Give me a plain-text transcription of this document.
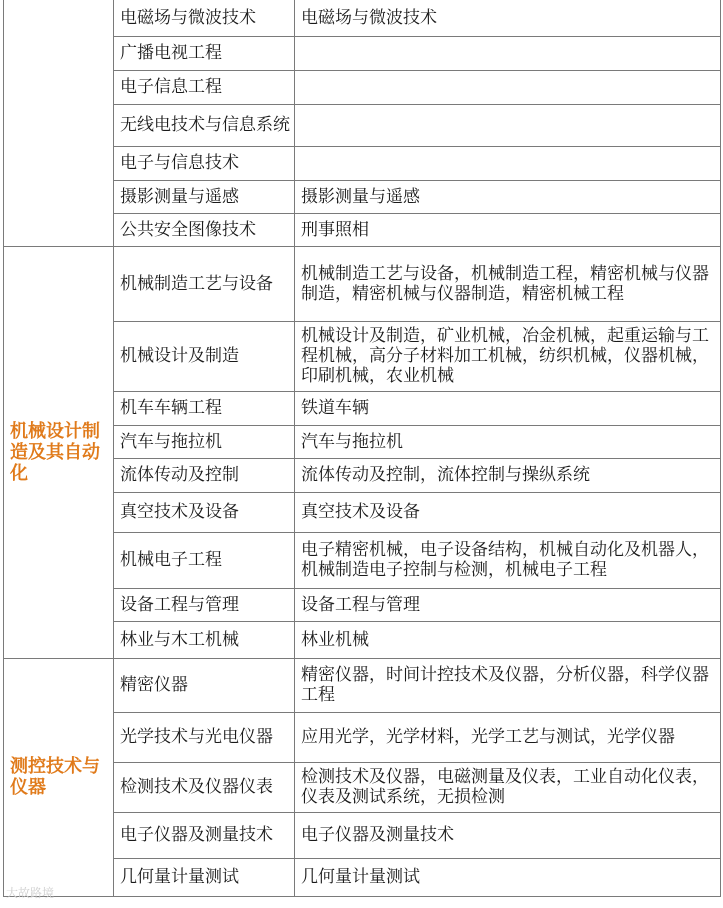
	电磁场与微波技术	电磁场与微波技术
	广播电视工程	
	电子信息工程	
	无线电技术与信息系统	
	电子与信息技术	
	摄影测量与遥感	摄影测量与遥感
	公共安全图像技术	刑事照相
机械设计制造及其自动化	机械制造工艺与设备	机械制造工艺与设备，机械制造工程，精密机械与仪器制造，精密机械与仪器制造，精密机械工程
	机械设计及制造	机械设计及制造，矿业机械，冶金机械，起重运输与工程机械，高分子材料加工机械，纺织机械，仪器机械，印刷机械，农业机械
	机车车辆工程	铁道车辆
	汽车与拖拉机	汽车与拖拉机
	流体传动及控制	流体传动及控制，流体控制与操纵系统
	真空技术及设备	真空技术及设备
	机械电子工程	电子精密机械，电子设备结构，机械自动化及机器人，机械制造电子控制与检测，机械电子工程
	设备工程与管理	设备工程与管理
	林业与木工机械	林业机械
测控技术与仪器	精密仪器	精密仪器，时间计控技术及仪器，分析仪器，科学仪器工程
	光学技术与光电仪器	应用光学，光学材料，光学工艺与测试，光学仪器
	检测技术及仪器仪表	检测技术及仪器，电磁测量及仪表，工业自动化仪表，仪表及测试系统，无损检测
	电子仪器及测量技术	电子仪器及测量技术
	几何量计量测试	几何量计量测试
大故路境
